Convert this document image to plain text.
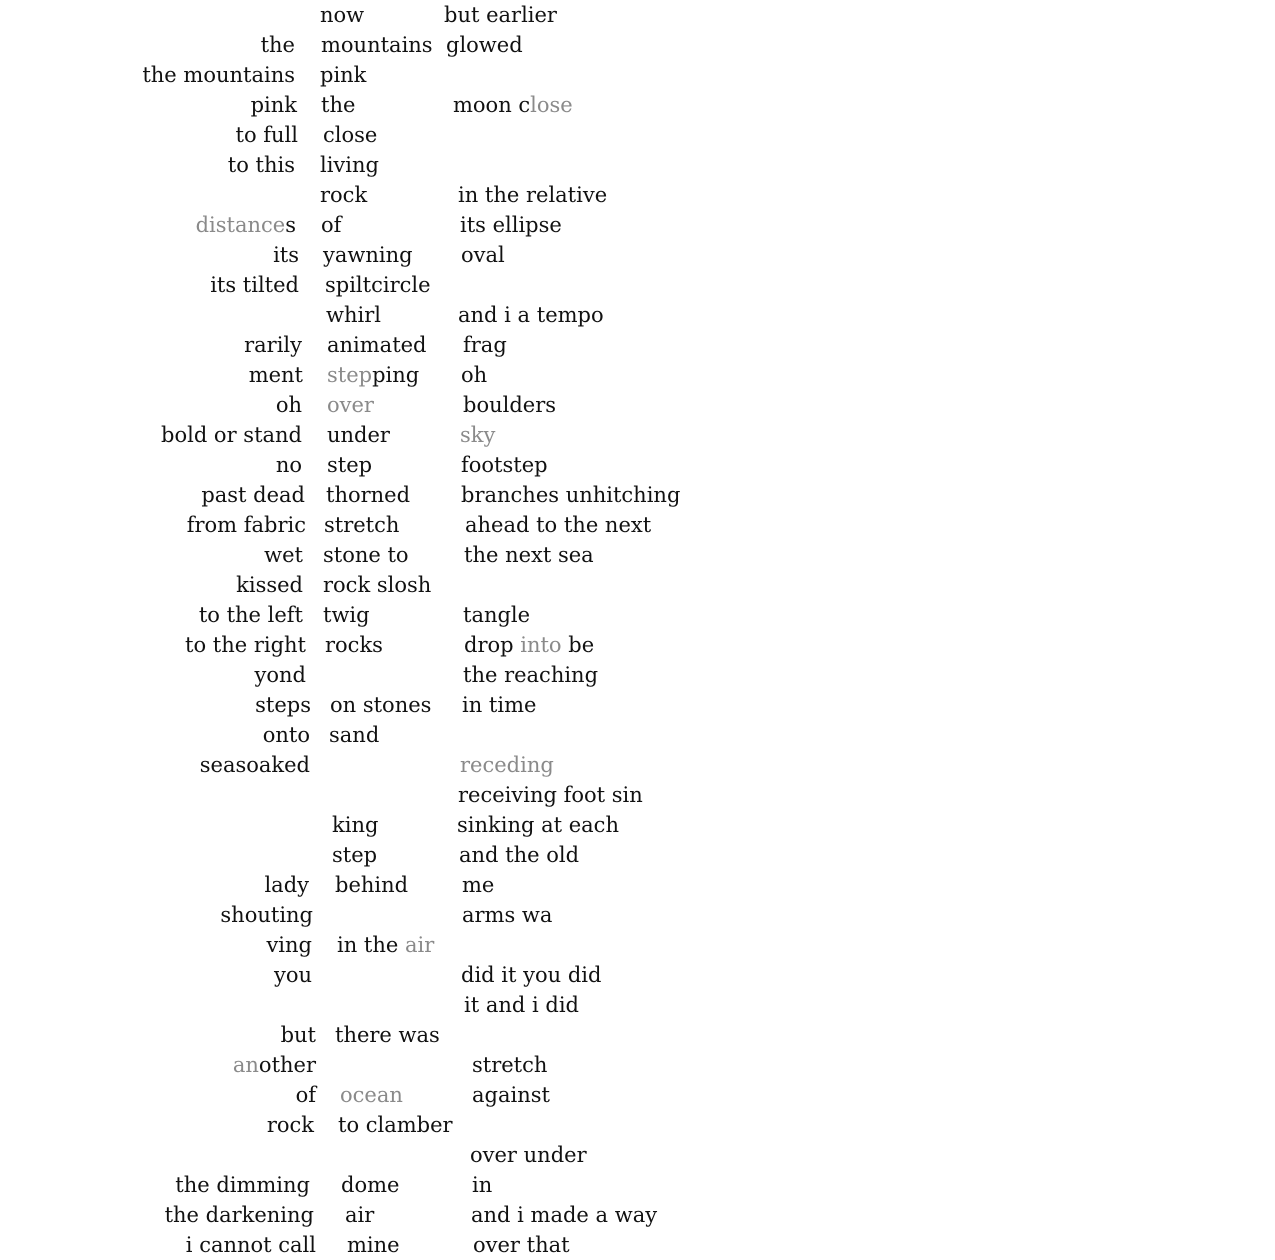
now	but earlier
the mountains glowed
the mountains pink
pink the	moon close
to full close
to this living
rock	in the relative
distances of	its ellipse
its yawning oval
its tilted spiltcircle
whirl	and i a tempo
rarily animated frag
ment stepping oh
oh over	boulders
bold or stand under	sky
no step	footstep
past dead thorned branches unhitching
from fabric stretch	ahead to the next
wet stone to	the next sea
kissed rock slosh
to the left twig	tangle
to the right rocks	drop into be
yond	the reaching
steps on stones in time
onto sand
seasoaked	receding
receiving foot sin
king	sinking at each
step	and the old
lady behind	me
shouting	arms wa
ving in the air
you	did it you did
it and i did
but there was
another	stretch
of ocean	against
rock to clamber
over under
the dimming dome	in
the darkening air	and i made a way
i cannot call mine	over that
